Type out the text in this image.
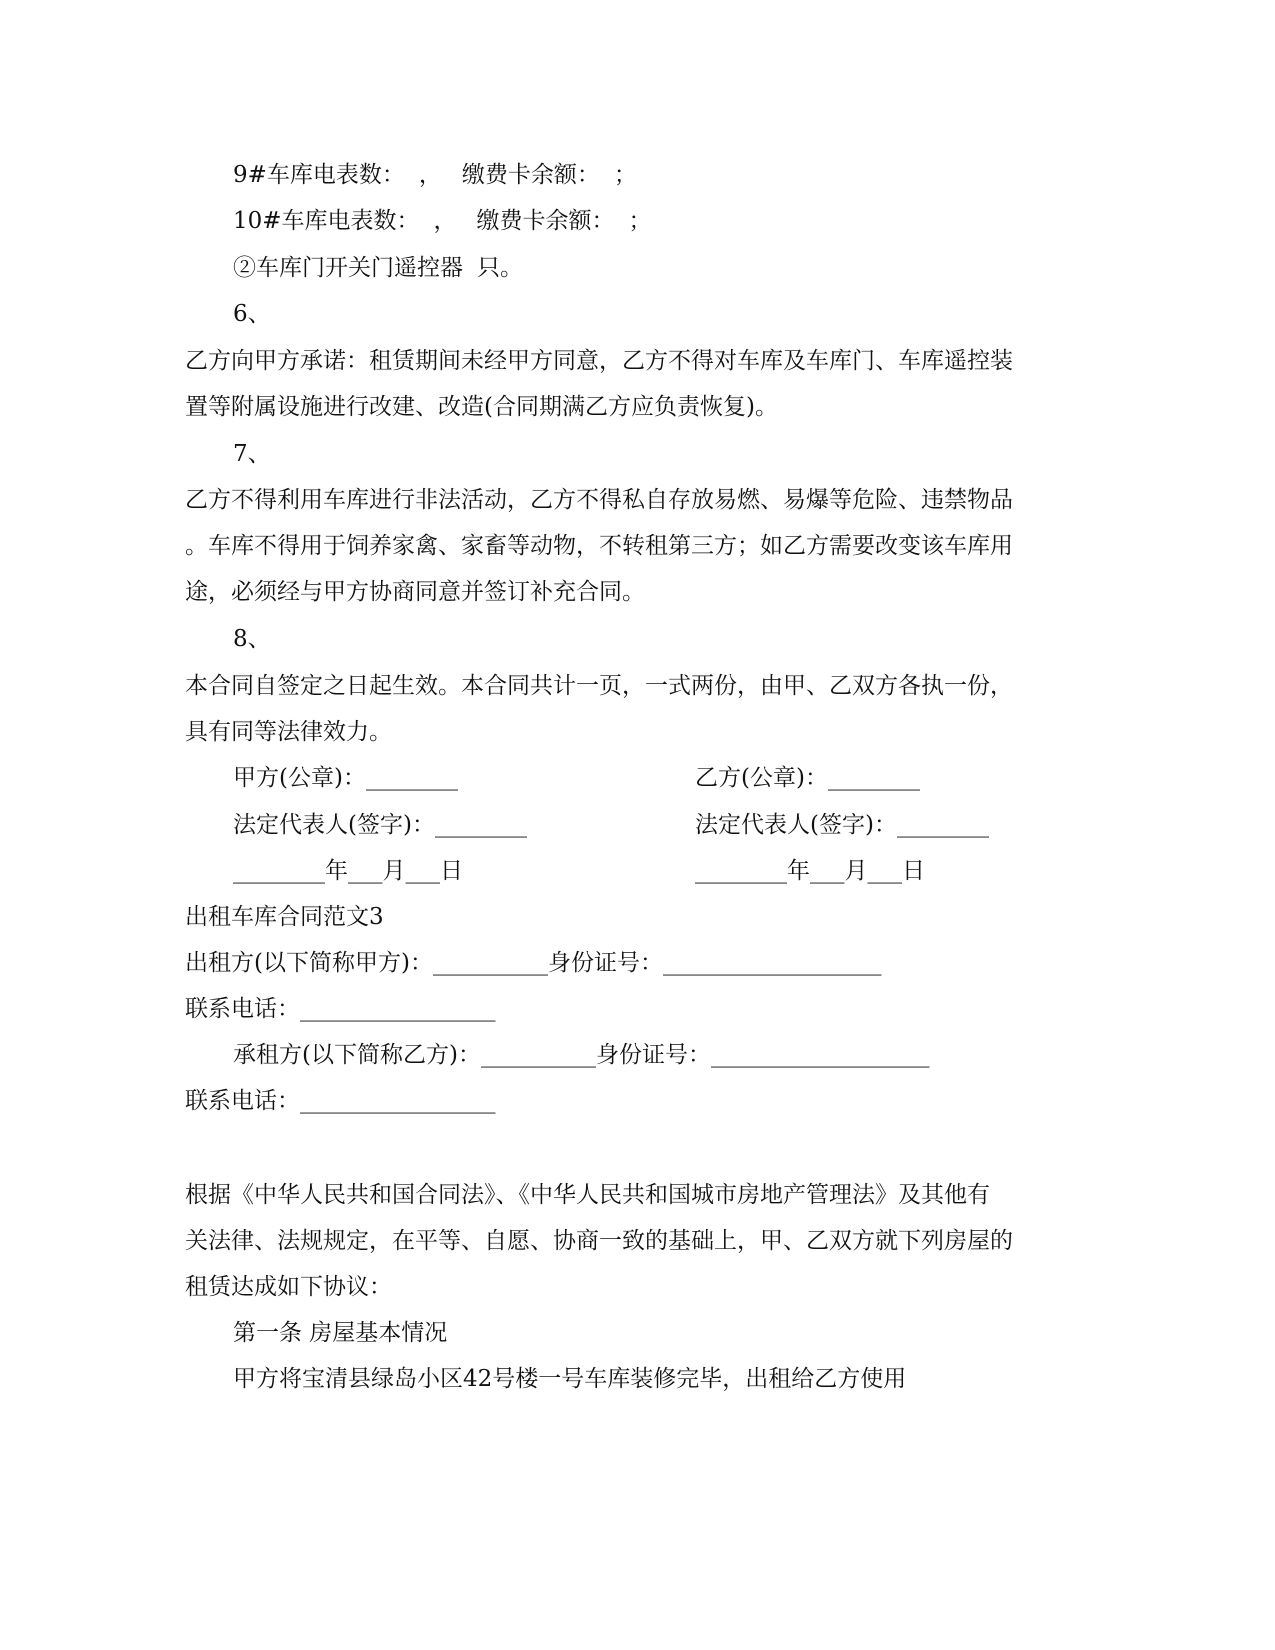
9#车库电表数： ， 缴费卡余额： ；
10#车库电表数： ， 缴费卡余额： ；
②车库门开关门遥控器 只。
6、
乙方向甲方承诺：租赁期间未经甲方同意，乙方不得对车库及车库门、车库遥控装
置等附属设施进行改建、改造(合同期满乙方应负责恢复)。
7、
乙方不得利用车库进行非法活动，乙方不得私自存放易燃、易爆等危险、违禁物品
。车库不得用于饲养家禽、家畜等动物，不转租第三方；如乙方需要改变该车库用
途，必须经与甲方协商同意并签订补充合同。
8、
本合同自签定之日起生效。本合同共计一页，一式两份，由甲、乙双方各执一份，
具有同等法律效力。
甲方(公章)：________	乙方(公章)：________
法定代表人(签字)：________	法定代表人(签字)：________
________年___月___日	________年___月___日
出租车库合同范文3
出租方(以下简称甲方)：__________身份证号：___________________
联系电话：_________________
承租方(以下简称乙方)：__________身份证号：___________________
联系电话：_________________
根据《中华人民共和国合同法》、《中华人民共和国城市房地产管理法》及其他有
关法律、法规规定，在平等、自愿、协商一致的基础上，甲、乙双方就下列房屋的
租赁达成如下协议：
第一条 房屋基本情况
甲方将宝清县绿岛小区42号楼一号车库装修完毕，出租给乙方使用
